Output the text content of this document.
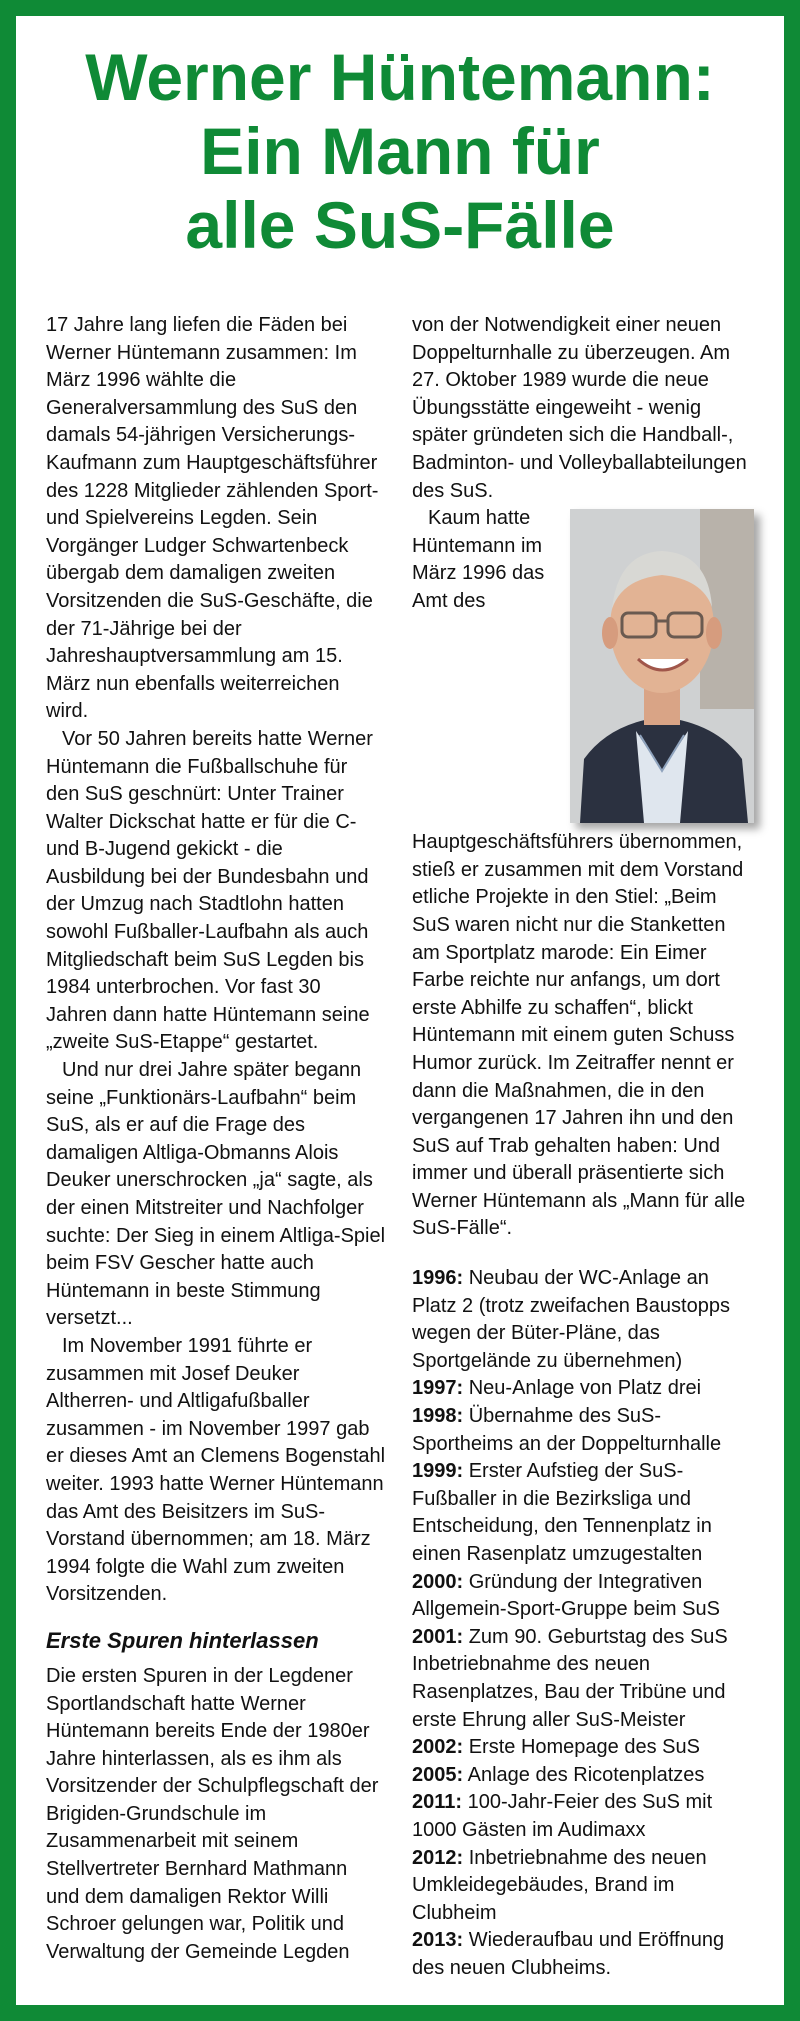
Werner Hüntemann:
Ein Mann für
alle SuS-Fälle

17 Jahre lang liefen die Fäden bei Werner Hüntemann zusammen: Im März 1996 wählte die Generalversammlung des SuS den damals 54-jährigen Versicherungs-Kaufmann zum Hauptgeschäftsführer des 1228 Mitglieder zählenden Sport- und Spielvereins Legden. Sein Vorgänger Ludger Schwartenbeck übergab dem damaligen zweiten Vorsitzenden die SuS-Geschäfte, die der 71-Jährige bei der Jahreshauptversammlung am 15. März nun ebenfalls weiterreichen wird.

Vor 50 Jahren bereits hatte Werner Hüntemann die Fußballschuhe für den SuS geschnürt: Unter Trainer Walter Dickschat hatte er für die C- und B-Jugend gekickt - die Ausbildung bei der Bundesbahn und der Umzug nach Stadtlohn hatten sowohl Fußballer-Laufbahn als auch Mitgliedschaft beim SuS Legden bis 1984 unterbrochen. Vor fast 30 Jahren dann hatte Hüntemann seine „zweite SuS-Etappe“ gestartet.

Und nur drei Jahre später begann seine „Funktionärs-Laufbahn“ beim SuS, als er auf die Frage des damaligen Altliga-Obmanns Alois Deuker unerschrocken „ja“ sagte, als der einen Mitstreiter und Nachfolger suchte: Der Sieg in einem Altliga-Spiel beim FSV Gescher hatte auch Hüntemann in beste Stimmung versetzt...

Im November 1991 führte er zusammen mit Josef Deuker Altherren- und Altligafußballer zusammen - im November 1997 gab er dieses Amt an Clemens Bogenstahl weiter. 1993 hatte Werner Hüntemann das Amt des Beisitzers im SuS-Vorstand übernommen; am 18. März 1994 folgte die Wahl zum zweiten Vorsitzenden.

Erste Spuren hinterlassen

Die ersten Spuren in der Legdener Sportlandschaft hatte Werner Hüntemann bereits Ende der 1980er Jahre hinterlassen, als es ihm als Vorsitzender der Schulpflegschaft der Brigiden-Grundschule im Zusammenarbeit mit seinem Stellvertreter Bernhard Mathmann und dem damaligen Rektor Willi Schroer gelungen war, Politik und Verwaltung der Gemeinde Legden

von der Notwendigkeit einer neuen Doppelturnhalle zu überzeugen. Am 27. Oktober 1989 wurde die neue Übungsstätte eingeweiht - wenig später gründeten sich die Handball-, Badminton- und Volleyballabteilungen des SuS.

Kaum hatte Hüntemann im März 1996 das Amt des Hauptgeschäftsführers übernommen, stieß er zusammen mit dem Vorstand etliche Projekte in den Stiel: „Beim SuS waren nicht nur die Stanketten am Sportplatz marode: Ein Eimer Farbe reichte nur anfangs, um dort erste Abhilfe zu schaffen“, blickt Hüntemann mit einem guten Schuss Humor zurück. Im Zeitraffer nennt er dann die Maßnahmen, die in den vergangenen 17 Jahren ihn und den SuS auf Trab gehalten haben: Und immer und überall präsentierte sich Werner Hüntemann als „Mann für alle SuS-Fälle“.

1996: Neubau der WC-Anlage an Platz 2 (trotz zweifachen Baustopps wegen der Büter-Pläne, das Sportgelände zu übernehmen)
1997: Neu-Anlage von Platz drei
1998: Übernahme des SuS-Sportheims an der Doppelturnhalle
1999: Erster Aufstieg der SuS-Fußballer in die Bezirksliga und Entscheidung, den Tennenplatz in einen Rasenplatz umzugestalten
2000: Gründung der Integrativen Allgemein-Sport-Gruppe beim SuS
2001: Zum 90. Geburtstag des SuS Inbetriebnahme des neuen Rasenplatzes, Bau der Tribüne und erste Ehrung aller SuS-Meister
2002: Erste Homepage des SuS
2005: Anlage des Ricotenplatzes
2011: 100-Jahr-Feier des SuS mit 1000 Gästen im Audimaxx
2012: Inbetriebnahme des neuen Umkleidegebäudes, Brand im Clubheim
2013: Wiederaufbau und Eröffnung des neuen Clubheims.
